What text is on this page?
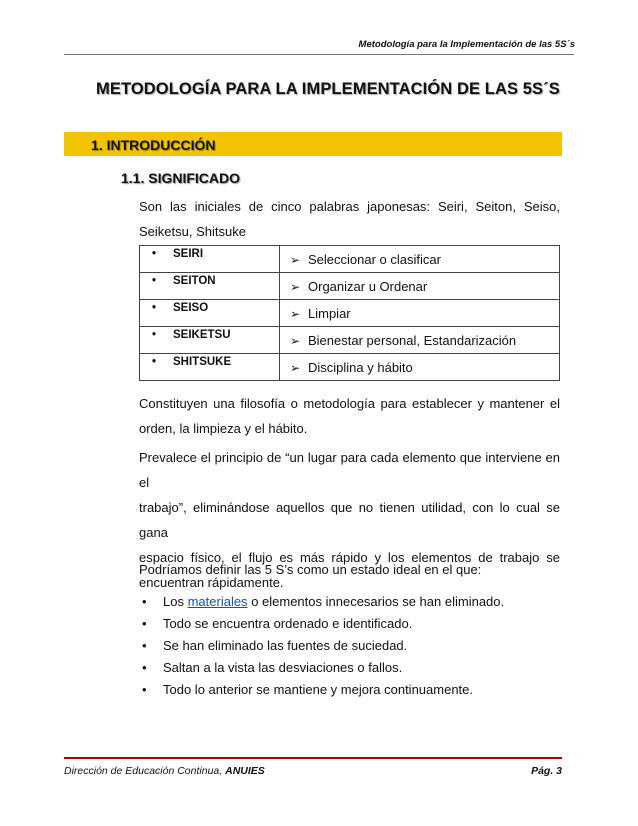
Metodología para la Implementación de las 5S´s
METODOLOGÍA PARA LA IMPLEMENTACIÓN DE LAS 5S´S
1. INTRODUCCIÓN
1.1. SIGNIFICADO
Son las iniciales de cinco palabras japonesas: Seiri, Seiton, Seiso,
Seiketsu, Shitsuke
• SEIRI	➢ Seleccionar o clasificar
• SEITON	➢ Organizar u Ordenar
• SEISO	➢ Limpiar
• SEIKETSU	➢ Bienestar personal, Estandarización
• SHITSUKE	➢ Disciplina y hábito
Constituyen una filosofía o metodología para establecer y mantener el
orden, la limpieza y el hábito.
Prevalece el principio de “un lugar para cada elemento que interviene en el
trabajo”, eliminándose aquellos que no tienen utilidad, con lo cual se gana
espacio físico, el flujo es más rápido y los elementos de trabajo se
encuentran rápidamente.
Podríamos definir las 5 S’s como un estado ideal en el que:
• Los materiales o elementos innecesarios se han eliminado.
• Todo se encuentra ordenado e identificado.
• Se han eliminado las fuentes de suciedad.
• Saltan a la vista las desviaciones o fallos.
• Todo lo anterior se mantiene y mejora continuamente.
Dirección de Educación Continua, ANUIES	Pág. 3
